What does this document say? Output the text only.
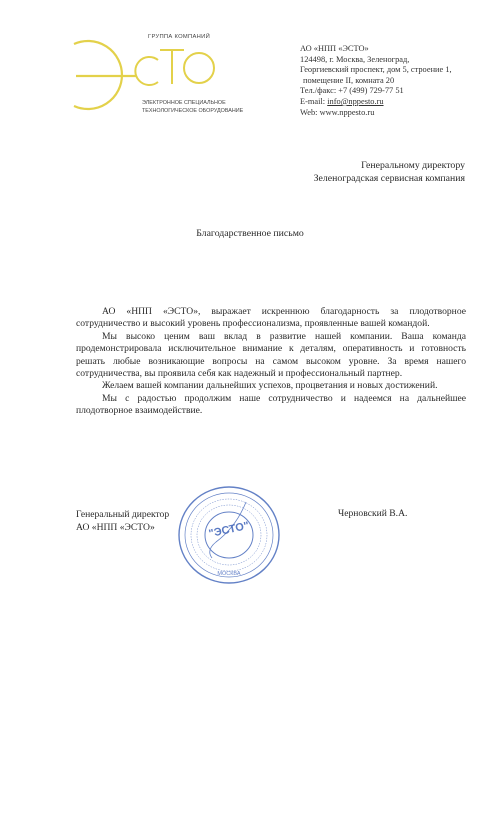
ГРУППА КОМПАНИЙ
ЭЛЕКТРОННОЕ СПЕЦИАЛЬНОЕ
ТЕХНОЛОГИЧЕСКОЕ ОБОРУДОВАНИЕ
АО «НПП «ЭСТО»
124498, г. Москва, Зеленоград,
Георгиевский проспект, дом 5, строение 1,
помещение II, комната 20
Тел./факс: +7 (499) 729-77 51
E-mail: info@nppesto.ru
Web: www.nppesto.ru
Генеральному директору
Зеленоградская сервисная компания
Благодарственное письмо

АО «НПП «ЭСТО», выражает искреннюю благодарность за плодотворное сотрудничество и высокий уровень профессионализма, проявленные вашей командой.

Мы высоко ценим ваш вклад в развитие нашей компании. Ваша команда продемонстрировала исключительное внимание к деталям, оперативность и готовность решать любые возникающие вопросы на самом высоком уровне. За время нашего сотрудничества, вы проявила себя как надежный и профессиональный партнер.

Желаем вашей компании дальнейших успехов, процветания и новых достижений.

Мы с радостью продолжим наше сотрудничество и надеемся на дальнейшее плодотворное взаимодействие.

"ЭСТО"
МОСКВА
Генеральный директор
АО «НПП «ЭСТО»
Черновский В.А.
